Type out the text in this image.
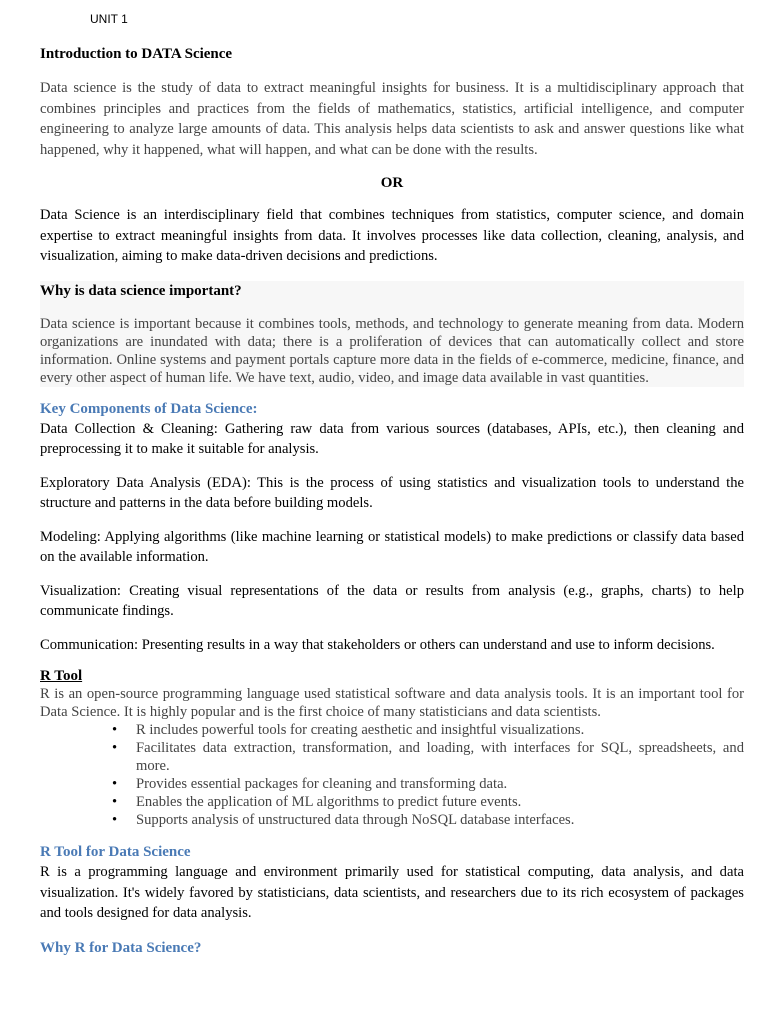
UNIT 1
Introduction to DATA Science
Data science is the study of data to extract meaningful insights for business. It is a multidisciplinary approach that combines principles and practices from the fields of mathematics, statistics, artificial intelligence, and computer engineering to analyze large amounts of data. This analysis helps data scientists to ask and answer questions like what happened, why it happened, what will happen, and what can be done with the results.
OR
Data Science is an interdisciplinary field that combines techniques from statistics, computer science, and domain expertise to extract meaningful insights from data. It involves processes like data collection, cleaning, analysis, and visualization, aiming to make data-driven decisions and predictions.
Why is data science important?
Data science is important because it combines tools, methods, and technology to generate meaning from data. Modern organizations are inundated with data; there is a proliferation of devices that can automatically collect and store information. Online systems and payment portals capture more data in the fields of e-commerce, medicine, finance, and every other aspect of human life. We have text, audio, video, and image data available in vast quantities.
Key Components of Data Science:
Data Collection & Cleaning: Gathering raw data from various sources (databases, APIs, etc.), then cleaning and preprocessing it to make it suitable for analysis.
Exploratory Data Analysis (EDA): This is the process of using statistics and visualization tools to understand the structure and patterns in the data before building models.
Modeling: Applying algorithms (like machine learning or statistical models) to make predictions or classify data based on the available information.
Visualization: Creating visual representations of the data or results from analysis (e.g., graphs, charts) to help communicate findings.
Communication: Presenting results in a way that stakeholders or others can understand and use to inform decisions.
R Tool
R is an open-source programming language used statistical software and data analysis tools. It is an important tool for Data Science. It is highly popular and is the first choice of many statisticians and data scientists.
• R includes powerful tools for creating aesthetic and insightful visualizations.
• Facilitates data extraction, transformation, and loading, with interfaces for SQL, spreadsheets, and more.
• Provides essential packages for cleaning and transforming data.
• Enables the application of ML algorithms to predict future events.
• Supports analysis of unstructured data through NoSQL database interfaces.
R Tool for Data Science
R is a programming language and environment primarily used for statistical computing, data analysis, and data visualization. It's widely favored by statisticians, data scientists, and researchers due to its rich ecosystem of packages and tools designed for data analysis.
Why R for Data Science?
